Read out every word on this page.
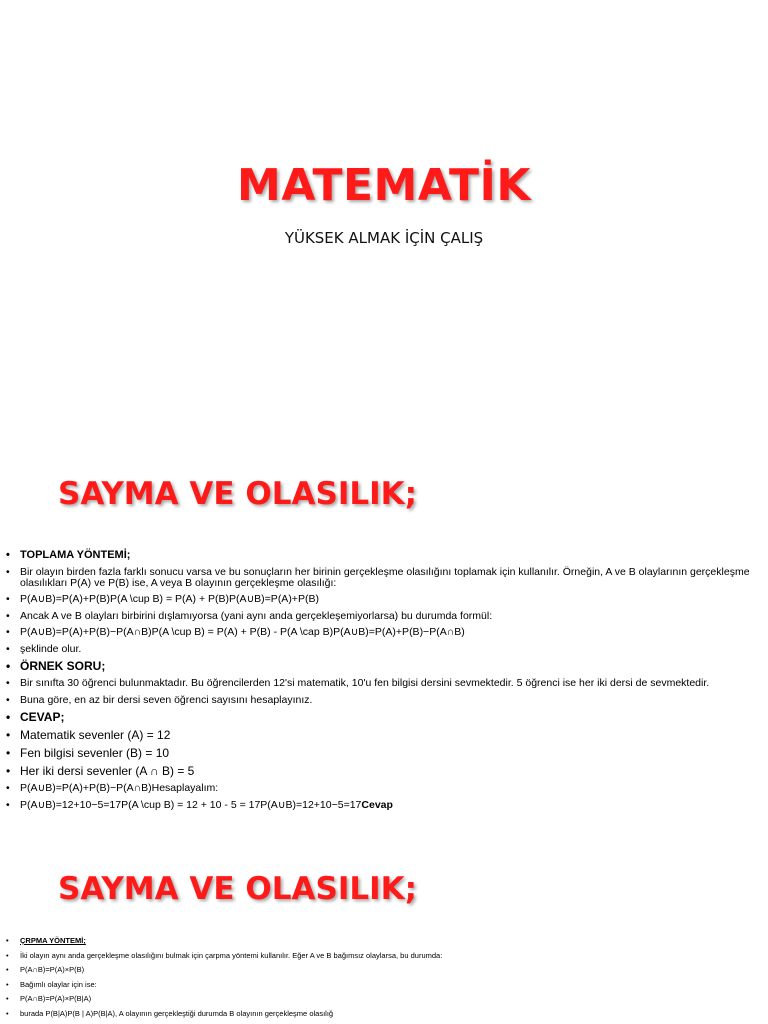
MATEMATİK
YÜKSEK ALMAK İÇİN ÇALIŞ
SAYMA VE OLASILIK;
• TOPLAMA YÖNTEMİ;
• Bir olayın birden fazla farklı sonucu varsa ve bu sonuçların her birinin gerçekleşme olasılığını toplamak için kullanılır. Örneğin, A ve B olaylarının gerçekleşme olasılıkları P(A) ve P(B) ise, A veya B olayının gerçekleşme olasılığı:
• P(A∪B)=P(A)+P(B)P(A \cup B) = P(A) + P(B)P(A∪B)=P(A)+P(B)
• Ancak A ve B olayları birbirini dışlamıyorsa (yani aynı anda gerçekleşemiyorlarsa) bu durumda formül:
• P(A∪B)=P(A)+P(B)−P(A∩B)P(A \cup B) = P(A) + P(B) - P(A \cap B)P(A∪B)=P(A)+P(B)−P(A∩B)
• şeklinde olur.
• ÖRNEK SORU;
• Bir sınıfta 30 öğrenci bulunmaktadır. Bu öğrencilerden 12'si matematik, 10'u fen bilgisi dersini sevmektedir. 5 öğrenci ise her iki dersi de sevmektedir.
• Buna göre, en az bir dersi seven öğrenci sayısını hesaplayınız.
• CEVAP;
• Matematik sevenler (A) = 12
• Fen bilgisi sevenler (B) = 10
• Her iki dersi sevenler (A ∩ B) = 5
• P(A∪B)=P(A)+P(B)−P(A∩B)Hesaplayalım:
• P(A∪B)=12+10−5=17P(A \cup B) = 12 + 10 - 5 = 17P(A∪B)=12+10−5=17Cevap
SAYMA VE OLASILIK;
• ÇRPMA YÖNTEMİ;
• İki olayın aynı anda gerçekleşme olasılığını bulmak için çarpma yöntemi kullanılır. Eğer A ve B bağımsız olaylarsa, bu durumda:
• P(A∩B)=P(A)×P(B)
• Bağımlı olaylar için ise:
• P(A∩B)=P(A)×P(B|A)
• burada P(B|A)P(B | A)P(B|A), A olayının gerçekleştiği durumda B olayının gerçekleşme olasılığ
